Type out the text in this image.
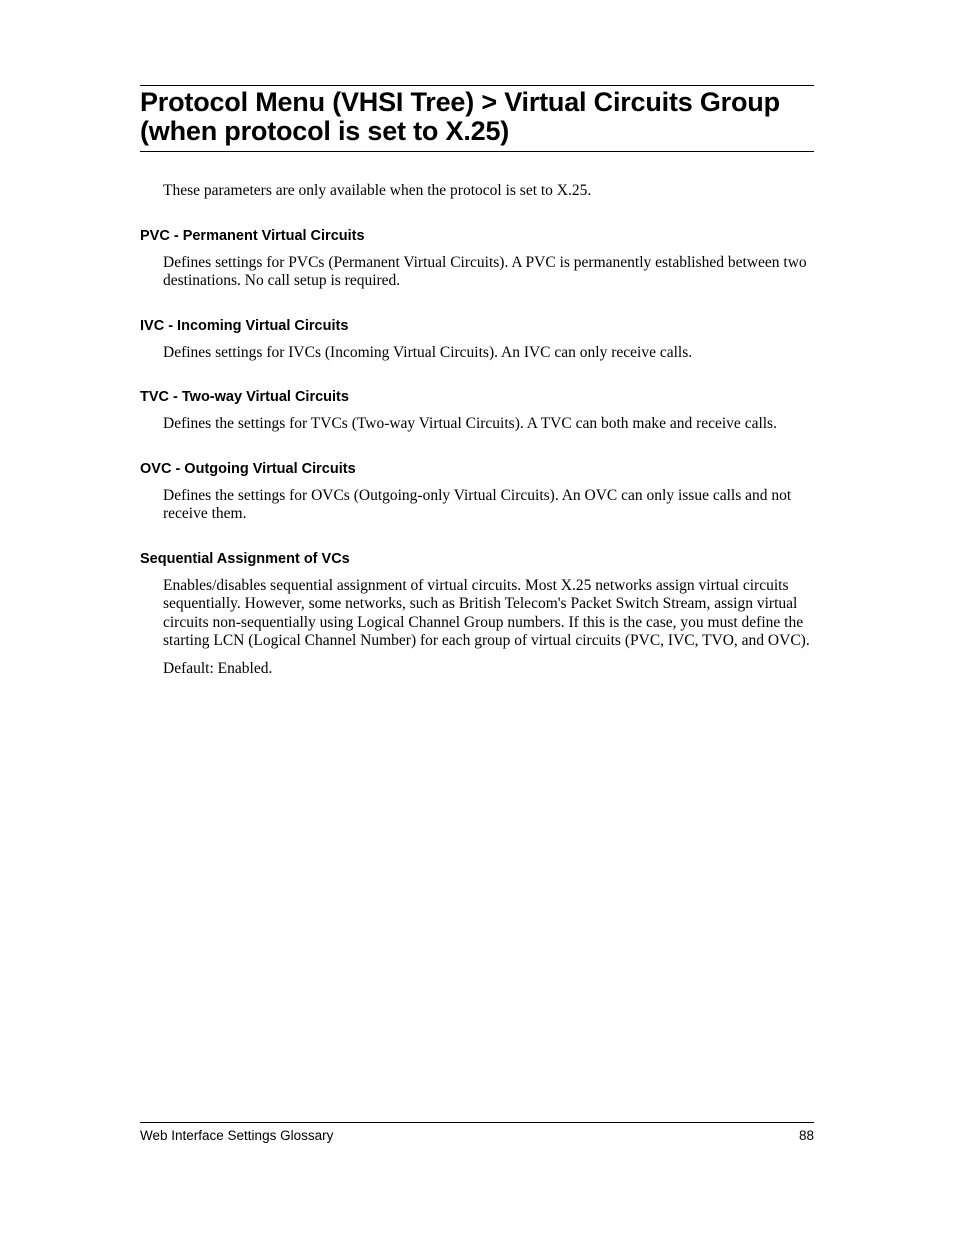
Protocol Menu (VHSI Tree) > Virtual Circuits Group (when protocol is set to X.25)

These parameters are only available when the protocol is set to X.25.

PVC - Permanent Virtual Circuits

Defines settings for PVCs (Permanent Virtual Circuits). A PVC is permanently established between two destinations. No call setup is required.

IVC - Incoming Virtual Circuits

Defines settings for IVCs (Incoming Virtual Circuits). An IVC can only receive calls.

TVC - Two-way Virtual Circuits

Defines the settings for TVCs (Two-way Virtual Circuits). A TVC can both make and receive calls.

OVC - Outgoing Virtual Circuits

Defines the settings for OVCs (Outgoing-only Virtual Circuits). An OVC can only issue calls and not receive them.

Sequential Assignment of VCs

Enables/disables sequential assignment of virtual circuits. Most X.25 networks assign virtual circuits sequentially. However, some networks, such as British Telecom's Packet Switch Stream, assign virtual circuits non-sequentially using Logical Channel Group numbers. If this is the case, you must define the starting LCN (Logical Channel Number) for each group of virtual circuits (PVC, IVC, TVO, and OVC).

Default: Enabled.

Web Interface Settings Glossary	88
